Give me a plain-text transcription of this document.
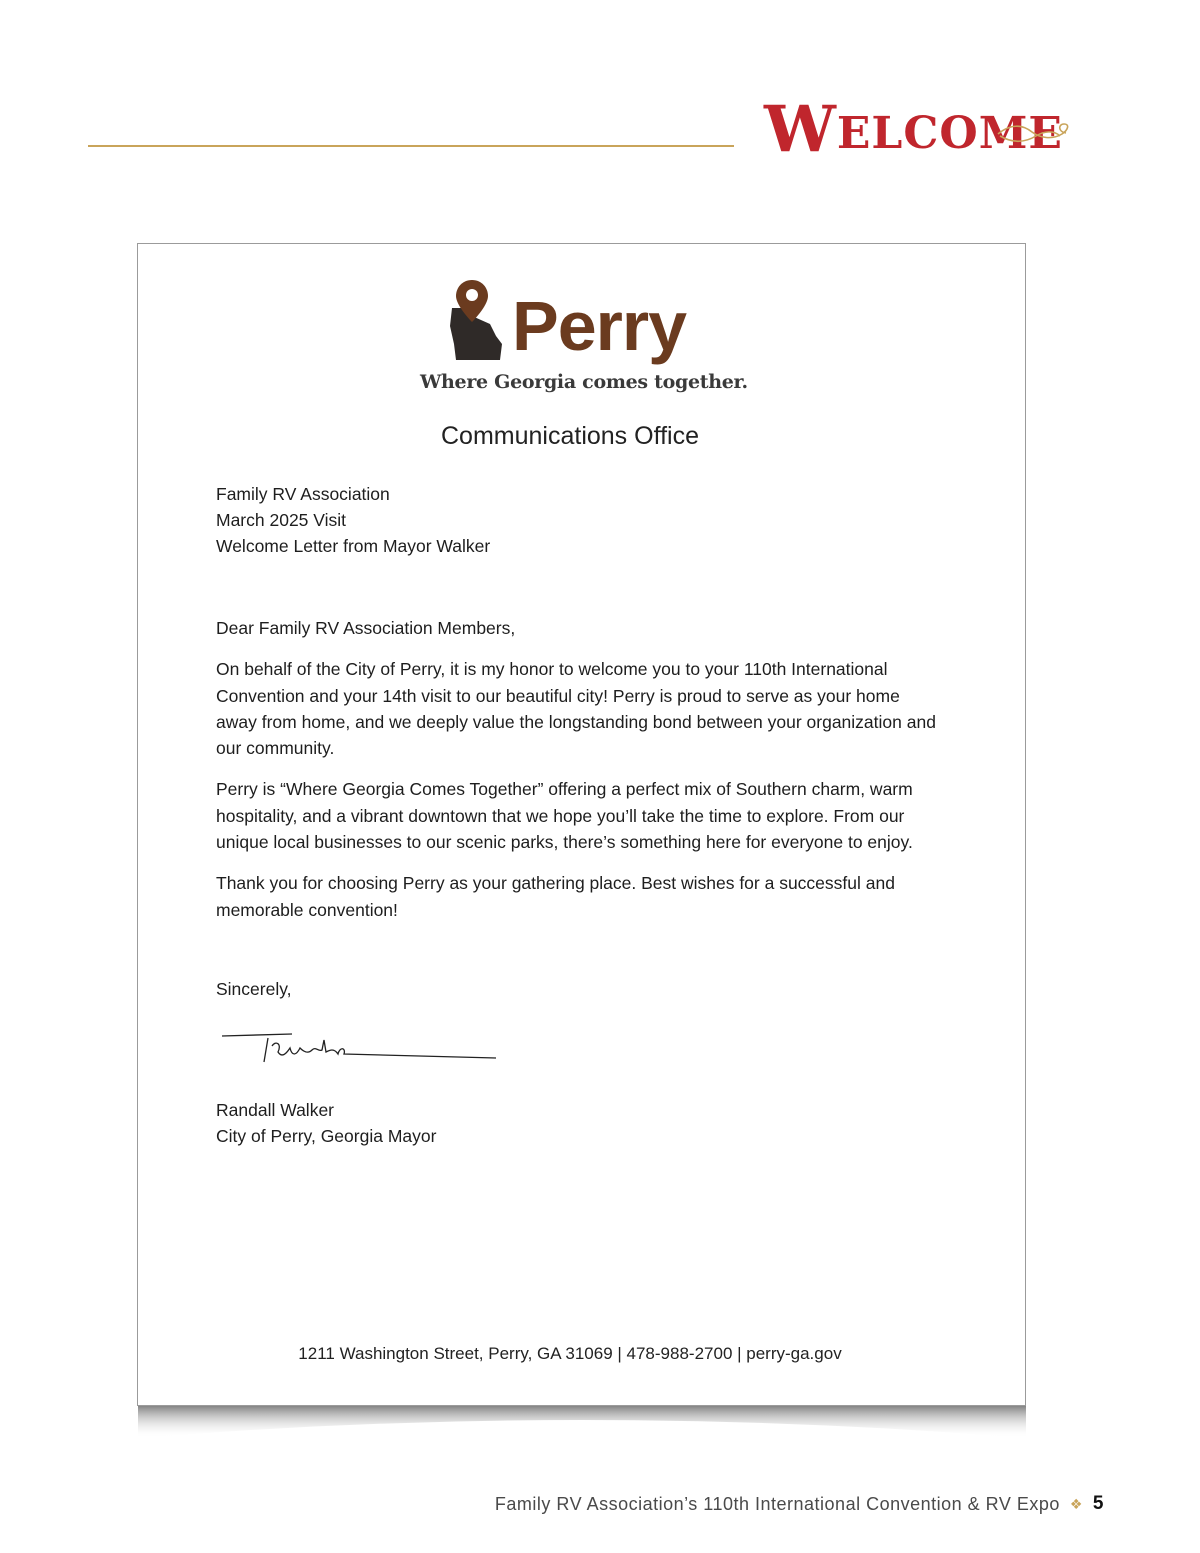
W ELCOME
Perry
Where Georgia comes together.
Communications Office
Family RV Association
March 2025 Visit
Welcome Letter from Mayor Walker

Dear Family RV Association Members,

On behalf of the City of Perry, it is my honor to welcome you to your 110th International Convention and your 14th visit to our beautiful city! Perry is proud to serve as your home away from home, and we deeply value the longstanding bond between your organization and our community.

Perry is “Where Georgia Comes Together” offering a perfect mix of Southern charm, warm hospitality, and a vibrant downtown that we hope you’ll take the time to explore. From our unique local businesses to our scenic parks, there’s something here for everyone to enjoy.

Thank you for choosing Perry as your gathering place. Best wishes for a successful and memorable convention!

Sincerely,
Randall Walker
City of Perry, Georgia Mayor
1211 Washington Street, Perry, GA 31069 | 478-988-2700 | perry-ga.gov
Family RV Association’s 110th International Convention & RV Expo ❖ 5
